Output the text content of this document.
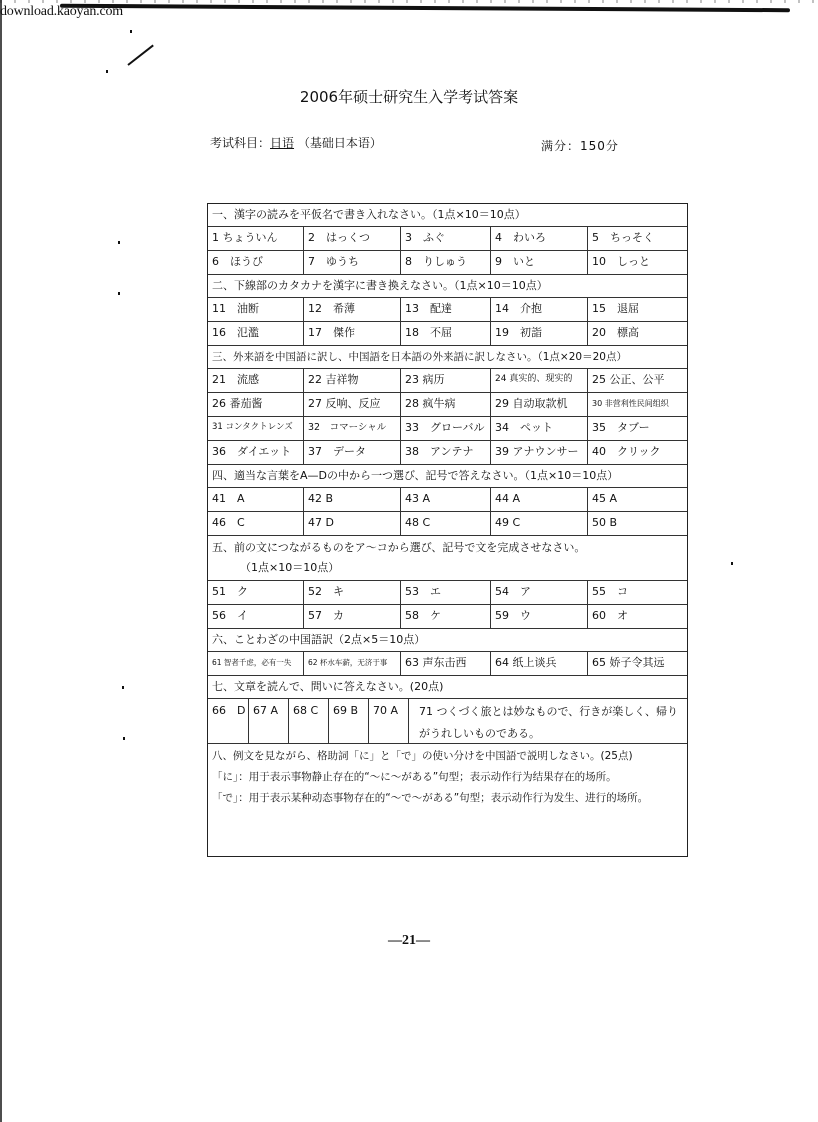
download.kaoyan.com
2006年硕士研究生入学考试答案
考试科目：日语 （基础日本语）	满分：150分
一、漢字の読みを平仮名で書き入れなさい。（1点×10＝10点）
1 ちょういん	2　はっくつ	3　ふぐ	4　わいろ	5　ちっそく
6　ほうび	7　ゆうち	8　りしゅう	9　いと	10　しっと
二、下線部のカタカナを漢字に書き換えなさい。（1点×10＝10点）
11　油断	12　希薄	13　配達	14　介抱	15　退屈
16　氾濫	17　傑作	18　不屈	19　初詣	20　標高
三、外来語を中国語に訳し、中国語を日本語の外来語に訳しなさい。（1点×20＝20点）
21　流感	22 吉祥物	23 病历	24 真实的、现实的	25 公正、公平
26 番茄酱	27 反响、反应	28 疯牛病	29 自动取款机	30 非营利性民间组织
31 コンタクトレンズ	32　コマーシャル	33　グローバル 34　ペット	35　タブー
36　ダイエット	37　データ	38　アンテナ	39 アナウンサー	40　クリック
四、適当な言葉をA—Dの中から一つ選び、記号で答えなさい。（1点×10＝10点）
41　A	42 B	43 A	44 A	45 A
46　C	47 D	48 C	49 C	50 B
五、前の文につながるものをア～コから選び、記号で文を完成させなさい。
（1点×10＝10点）
51　ク	52　キ	53　エ	54　ア	55　コ
56　イ	57　カ	58　ケ	59　ウ	60　オ
六、ことわざの中国語訳（2点×5＝10点）
61 智者千虑，必有一失	62 杯水车薪，无济于事	63 声东击西	64 纸上谈兵	65 娇子令其远
七、文章を読んで、問いに答えなさい。(20点)
66　D 67 A	68 C	69 B	70 A	71 つくづく旅とは妙なもので、行きが楽しく、帰りがうれしいものである。
八、例文を見ながら、格助詞「に」と「で」の使い分けを中国語で説明しなさい。(25点)
「に」：用于表示事物静止存在的“～に～がある”句型；表示动作行为结果存在的场所。
「で」：用于表示某种动态事物存在的“～で～がある”句型；表示动作行为发生、进行的场所。
—21—
